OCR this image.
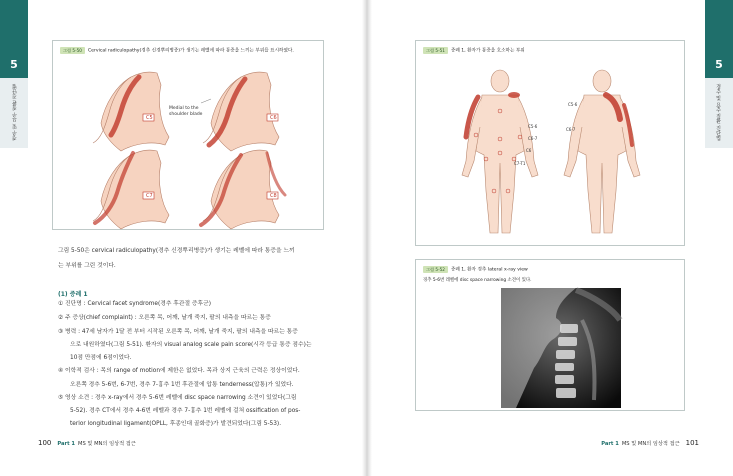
5
경추 및 요추 질환 진단법
5
경추 및 요추 질환 진단법
그림 5-50 Cervical radiculopathy(경추 신경뿌리병증)가 생기는 레벨에 따라 통증을 느끼는 부위를 표시하였다.
C5	C6
Medial to the
shoulder blade
C7	C8
그림 5-50은 cervical radiculopathy(경추 신경뿌리병증)가 생기는 레벨에 따라 통증을 느끼
는 부위를 그린 것이다.
(1) 증례 1
① 진단명 : Cervical facet syndrome(경추 후관절 증후군)
② 주 증상(chief complaint) : 오른쪽 목, 어깨, 날개 죽지, 팔의 내측을 따르는 통증
③ 병력 : 47세 남자가 1달 전 부터 시작된 오른쪽 목, 어깨, 날개 죽지, 팔의 내측을 따르는 통증
으로 내원하였다(그림 5-51). 환자의 visual analog scale pain score(시각 등급 통증 점수)는
10점 만점에 6점이었다.
④ 이학적 검사 : 목의 range of motion에 제한은 없었다. 목과 상지 근육의 근력은 정상이었다.
오른쪽 경추 5-6번, 6-7번, 경추 7-흉추 1번 후관절에 압통 tenderness(압통)가 있었다.
⑤ 영상 소견 : 경추 x-ray에서 경추 5-6번 레벨에 disc space narrowing 소견이 있었다(그림
5-52). 경추 CT에서 경추 4-6번 레벨과 경추 7-흉추 1번 레벨에 걸쳐 ossification of pos-
terior longitudinal ligament(OPLL, 후종인대 골화증)가 발견되었다(그림 5-53).
그림 5-51 증례 1, 환자가 통증을 호소하는 부위
C5-6
C6-7
C6
C7-T1
C5-6
C6-7
그림 5-52 증례 1, 환자 경추 lateral x-ray view
경추 5-6번 레벨에 disc space narrowing 소견이 있다.
100 Part 1 MS 및 MN의 임상적 접근	Part 1 MS 및 MN의 임상적 접근 101
